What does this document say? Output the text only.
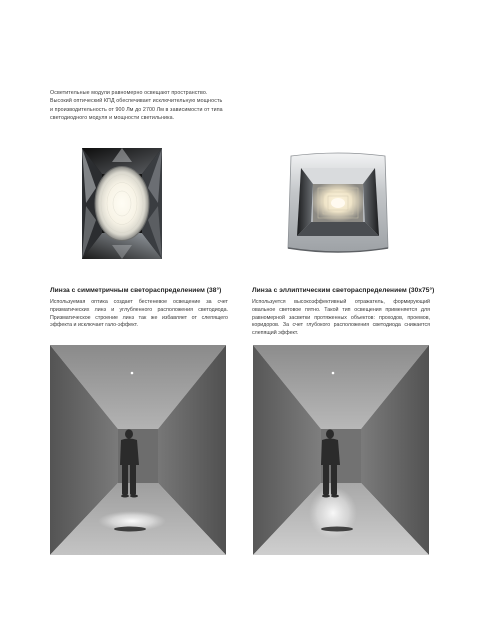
Осветительные модули равномерно освещают пространство.

Высокий оптический КПД обеспечивает исключительную мощность

и производительность от 900 Лм до 2700 Лм в зависимости от типа

светодиодного модуля и мощности светильника.

Линза с симметричным светораспределением (38°)

Используемая оптика создает бестеневое освещение за счет призматических линз и углубленного расположения светодиода. Призматическое строение линз так же избавляет от слепящего эффекта и исключает гало-эффект.

Линза с эллиптическим светораспределением (30x75°)

Используется высокоэффективный отражатель, формирующий овальное световое пятно. Такой тип освещения применяется для равномерной засветки протяженных объектов: проходов, проемов, коридоров. За счет глубокого расположения светодиода снижается слепящий эффект.
